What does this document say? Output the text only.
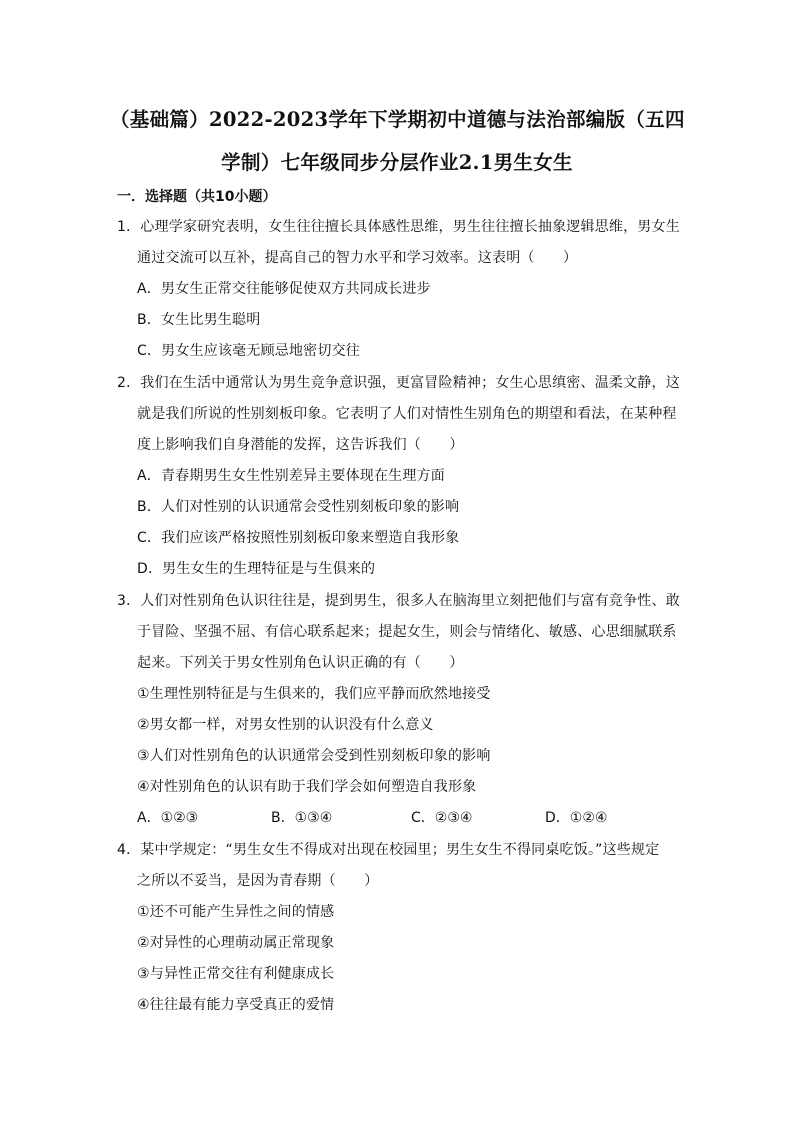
（基础篇）2022-2023学年下学期初中道德与法治部编版（五四
学制）七年级同步分层作业2.1男生女生
一．选择题（共10小题）
1．心理学家研究表明，女生往往擅长具体感性思维，男生往往擅长抽象逻辑思维，男女生
通过交流可以互补，提高自己的智力水平和学习效率。这表明（　　）
A．男女生正常交往能够促使双方共同成长进步
B．女生比男生聪明
C．男女生应该毫无顾忌地密切交往
2．我们在生活中通常认为男生竞争意识强，更富冒险精神；女生心思缜密、温柔文静，这
就是我们所说的性别刻板印象。它表明了人们对情性生别角色的期望和看法，在某种程
度上影响我们自身潜能的发挥，这告诉我们（　　）
A．青春期男生女生性别差异主要体现在生理方面
B．人们对性别的认识通常会受性别刻板印象的影响
C．我们应该严格按照性别刻板印象来塑造自我形象
D．男生女生的生理特征是与生俱来的
3．人们对性别角色认识往往是，提到男生，很多人在脑海里立刻把他们与富有竞争性、敢
于冒险、坚强不屈、有信心联系起来；提起女生，则会与情绪化、敏感、心思细腻联系
起来。下列关于男女性别角色认识正确的有（　　）
①生理性别特征是与生俱来的，我们应平静而欣然地接受
②男女都一样，对男女性别的认识没有什么意义
③人们对性别角色的认识通常会受到性别刻板印象的影响
④对性别角色的认识有助于我们学会如何塑造自我形象
A．①②③	B．①③④	C．②③④	D．①②④
4．某中学规定：“男生女生不得成对出现在校园里；男生女生不得同桌吃饭。”这些规定
之所以不妥当，是因为青春期（　　）
①还不可能产生异性之间的情感
②对异性的心理萌动属正常现象
③与异性正常交往有利健康成长
④往往最有能力享受真正的爱情
